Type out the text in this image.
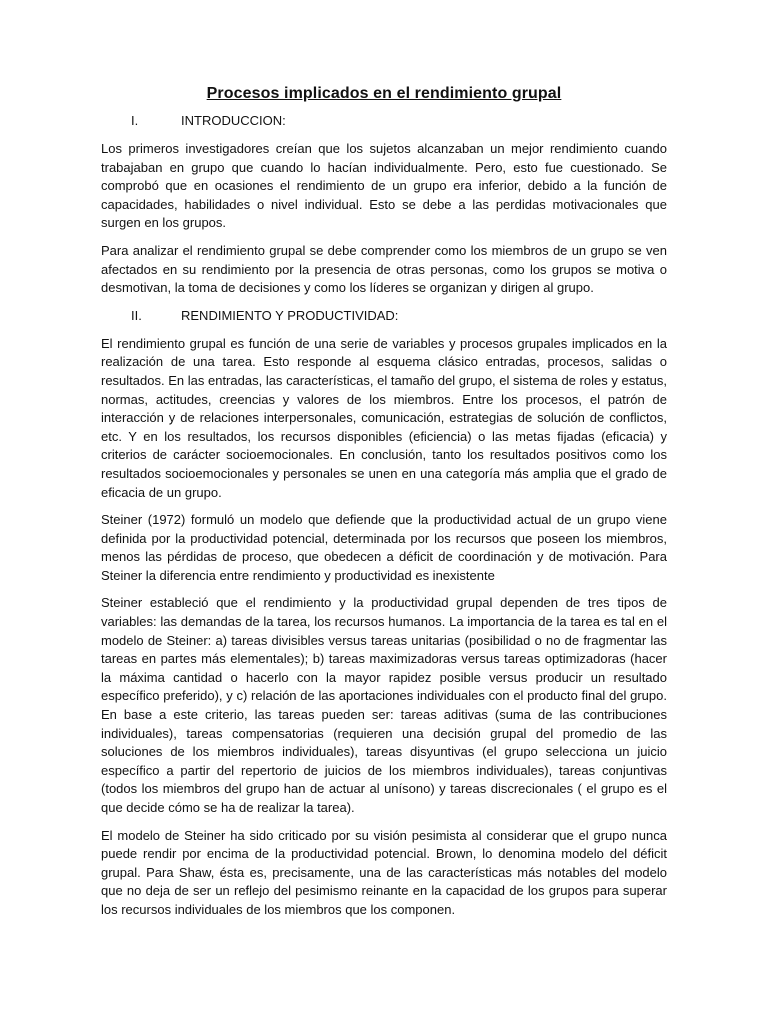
Procesos implicados en el rendimiento grupal
I.	INTRODUCCION:

Los primeros investigadores creían que los sujetos alcanzaban un mejor rendimiento cuando trabajaban en grupo que cuando lo hacían individualmente. Pero, esto fue cuestionado. Se comprobó que en ocasiones el rendimiento de un grupo era inferior, debido a la función de capacidades, habilidades o nivel individual. Esto se debe a las perdidas motivacionales que surgen en los grupos.

Para analizar el rendimiento grupal se debe comprender como los miembros de un grupo se ven afectados en su rendimiento por la presencia de otras personas, como los grupos se motiva o desmotivan, la toma de decisiones y como los líderes se organizan y dirigen al grupo.

II.	RENDIMIENTO Y PRODUCTIVIDAD:

El rendimiento grupal es función de una serie de variables y procesos grupales implicados en la realización de una tarea. Esto responde al esquema clásico entradas, procesos, salidas o resultados. En las entradas, las características, el tamaño del grupo, el sistema de roles y estatus, normas, actitudes, creencias y valores de los miembros. Entre los procesos, el patrón de interacción y de relaciones interpersonales, comunicación, estrategias de solución de conflictos, etc. Y en los resultados, los recursos disponibles (eficiencia) o las metas fijadas (eficacia) y criterios de carácter socioemocionales. En conclusión, tanto los resultados positivos como los resultados socioemocionales y personales se unen en una categoría más amplia que el grado de eficacia de un grupo.

Steiner (1972) formuló un modelo que defiende que la productividad actual de un grupo viene definida por la productividad potencial, determinada por los recursos que poseen los miembros, menos las pérdidas de proceso, que obedecen a déficit de coordinación y de motivación. Para Steiner la diferencia entre rendimiento y productividad es inexistente

Steiner estableció que el rendimiento y la productividad grupal dependen de tres tipos de variables: las demandas de la tarea, los recursos humanos. La importancia de la tarea es tal en el modelo de Steiner: a) tareas divisibles versus tareas unitarias (posibilidad o no de fragmentar las tareas en partes más elementales); b) tareas maximizadoras versus tareas optimizadoras (hacer la máxima cantidad o hacerlo con la mayor rapidez posible versus producir un resultado específico preferido), y c) relación de las aportaciones individuales con el producto final del grupo. En base a este criterio, las tareas pueden ser: tareas aditivas (suma de las contribuciones individuales), tareas compensatorias (requieren una decisión grupal del promedio de las soluciones de los miembros individuales), tareas disyuntivas (el grupo selecciona un juicio específico a partir del repertorio de juicios de los miembros individuales), tareas conjuntivas (todos los miembros del grupo han de actuar al unísono) y tareas discrecionales ( el grupo es el que decide cómo se ha de realizar la tarea).

El modelo de Steiner ha sido criticado por su visión pesimista al considerar que el grupo nunca puede rendir por encima de la productividad potencial. Brown, lo denomina modelo del déficit grupal. Para Shaw, ésta es, precisamente, una de las características más notables del modelo que no deja de ser un reflejo del pesimismo reinante en la capacidad de los grupos para superar los recursos individuales de los miembros que los componen.
